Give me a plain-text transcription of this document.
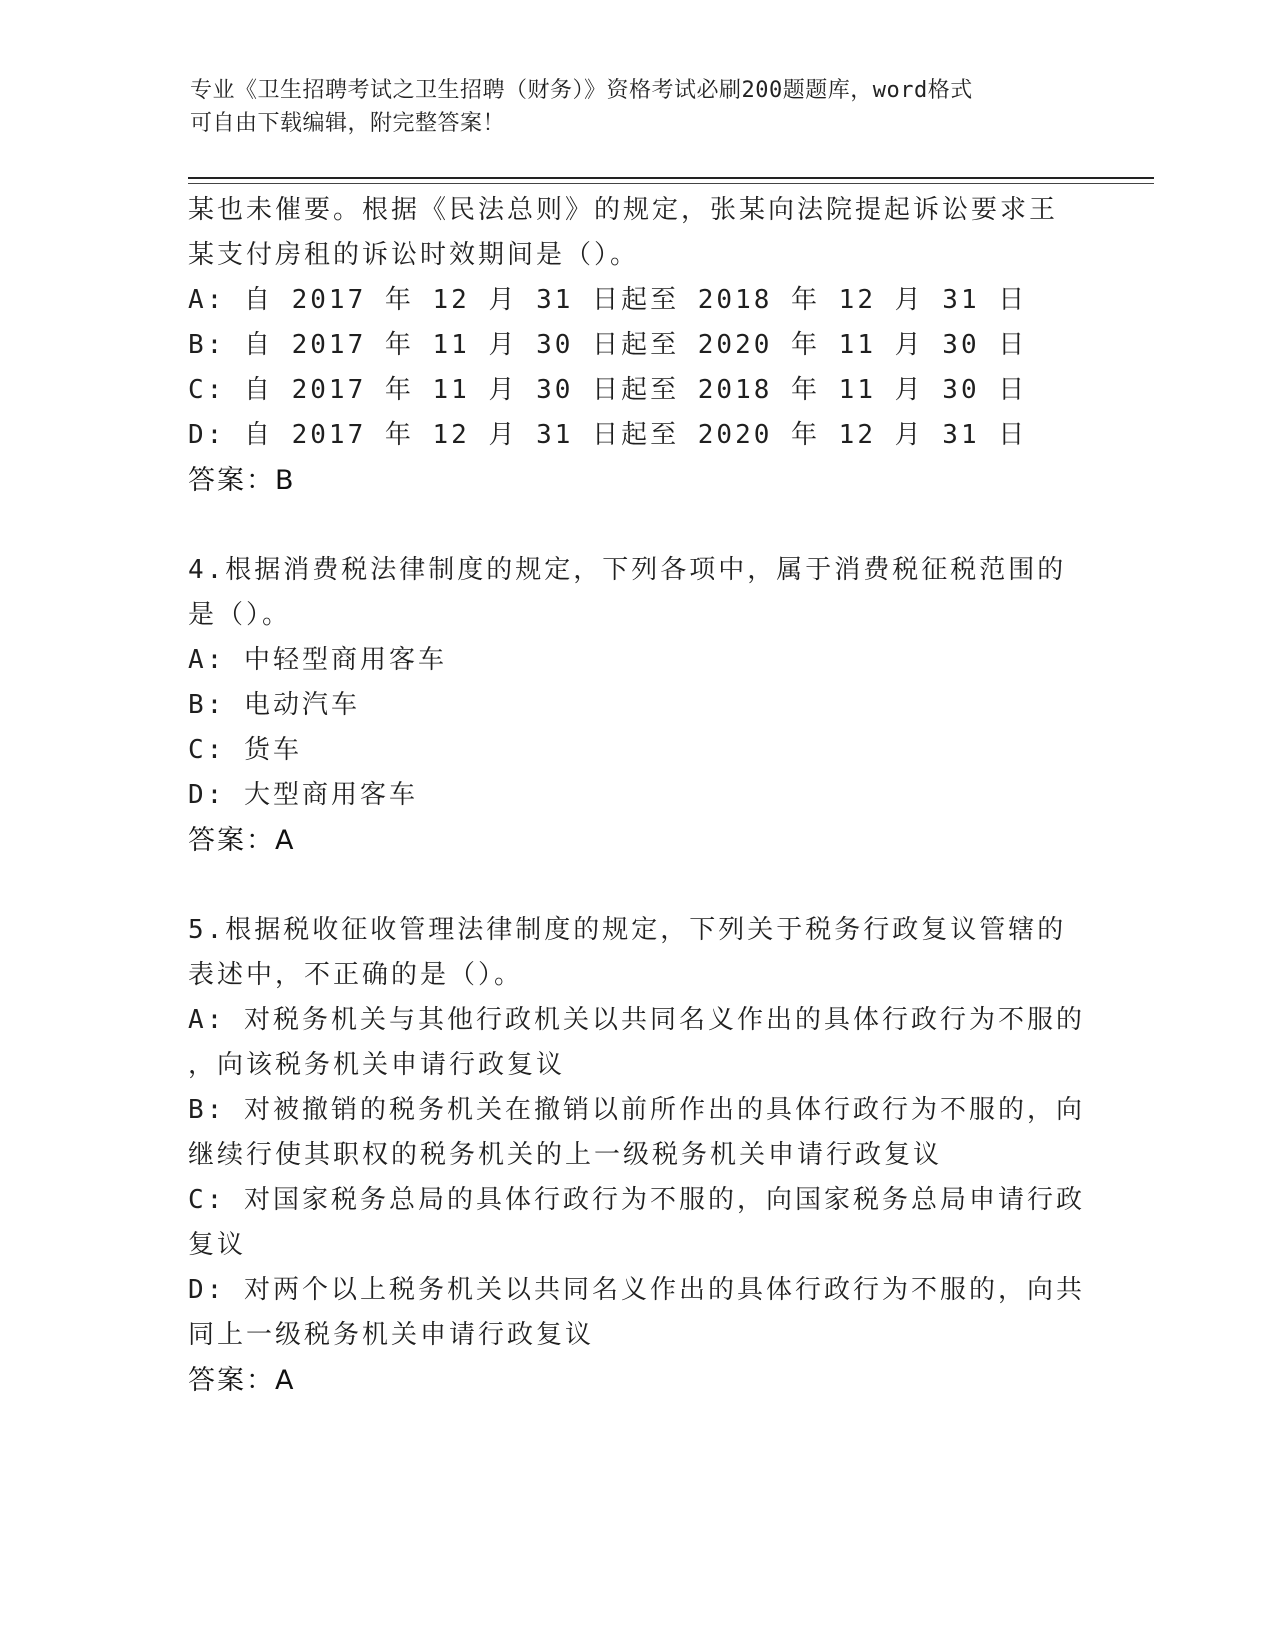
专业《卫生招聘考试之卫生招聘（财务）》资格考试必刷200题题库，word格式
可自由下载编辑，附完整答案！
某也未催要。根据《民法总则》的规定，张某向法院提起诉讼要求王
某支付房租的诉讼时效期间是（）。
A: 自 2017 年 12 月 31 日起至 2018 年 12 月 31 日
B: 自 2017 年 11 月 30 日起至 2020 年 11 月 30 日
C: 自 2017 年 11 月 30 日起至 2018 年 11 月 30 日
D: 自 2017 年 12 月 31 日起至 2020 年 12 月 31 日
答案：B
4.根据消费税法律制度的规定，下列各项中，属于消费税征税范围的
是（）。
A: 中轻型商用客车
B: 电动汽车
C: 货车
D: 大型商用客车
答案：A
5.根据税收征收管理法律制度的规定，下列关于税务行政复议管辖的
表述中，不正确的是（）。
A: 对税务机关与其他行政机关以共同名义作出的具体行政行为不服的
，向该税务机关申请行政复议
B: 对被撤销的税务机关在撤销以前所作出的具体行政行为不服的，向
继续行使其职权的税务机关的上一级税务机关申请行政复议
C: 对国家税务总局的具体行政行为不服的，向国家税务总局申请行政
复议
D: 对两个以上税务机关以共同名义作出的具体行政行为不服的，向共
同上一级税务机关申请行政复议
答案：A
